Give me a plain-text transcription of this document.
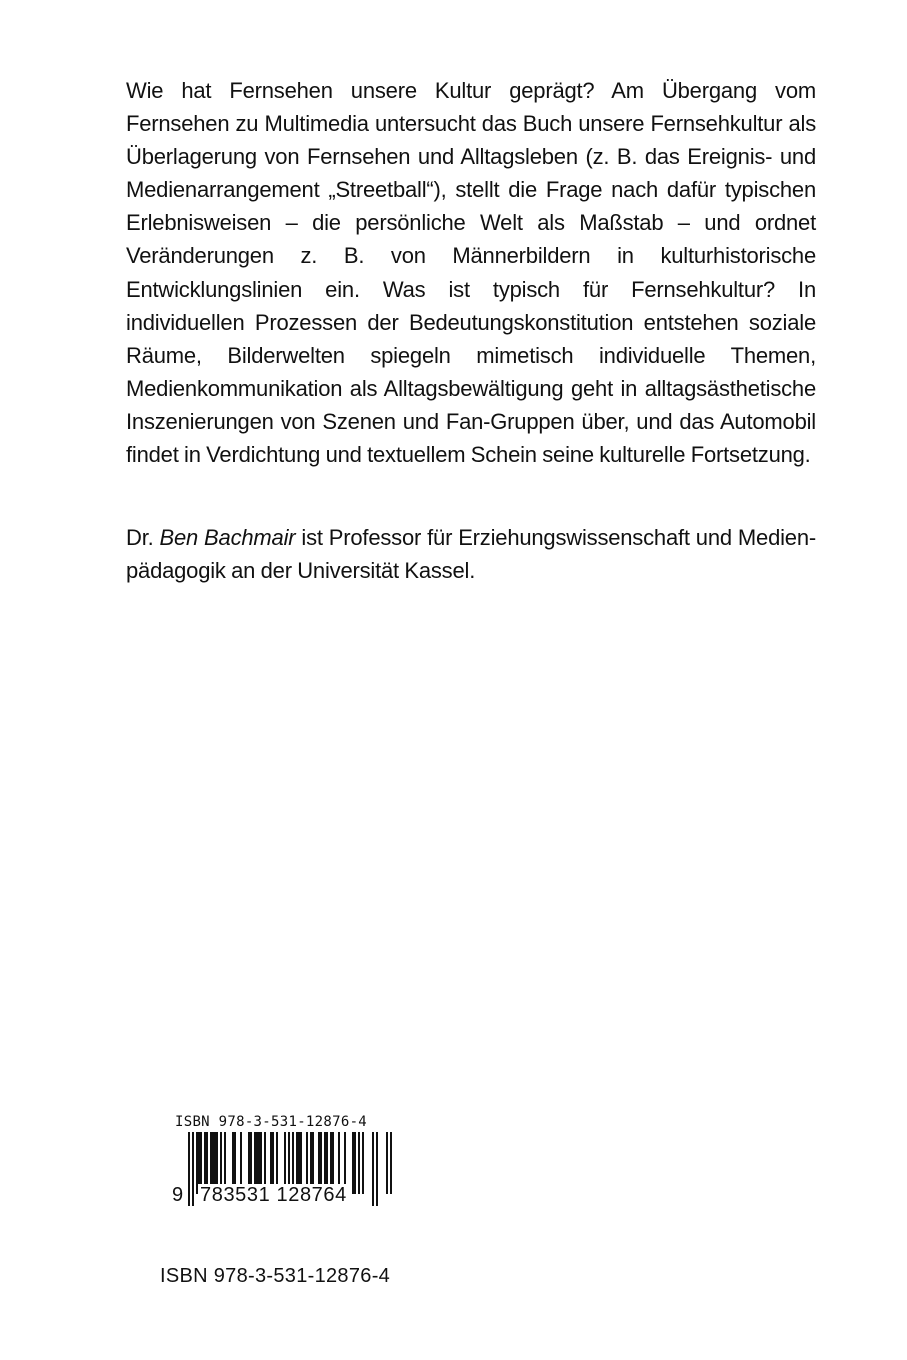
Wie hat Fernsehen unsere Kultur geprägt? Am Übergang vom Fernsehen zu Multimedia untersucht das Buch unsere Fernsehkultur als Überlagerung von Fernsehen und Alltagsleben (z. B. das Ereignis- und Medienarrangement „Streetball“), stellt die Frage nach dafür typischen Erlebnisweisen – die persönliche Welt als Maßstab – und ordnet Veränderungen z. B. von Männerbildern in kulturhistorische Entwicklungslinien ein. Was ist typisch für Fernsehkultur? In individuellen Prozessen der Bedeutungskonstitution entstehen soziale Räume, Bilderwelten spiegeln mimetisch individuelle Themen, Medienkommunikation als Alltagsbewältigung geht in alltagsästhetische Inszenierungen von Szenen und Fan-Gruppen über, und das Automobil findet in Verdichtung und textuellem Schein seine kulturelle Fortsetzung.

Dr. Ben Bachmair ist Professor für Erziehungswissenschaft und Medien-
pädagogik an der Universität Kassel.

ISBN 978-3-531-12876-4
9 783531 128764
ISBN 978-3-531-12876-4
